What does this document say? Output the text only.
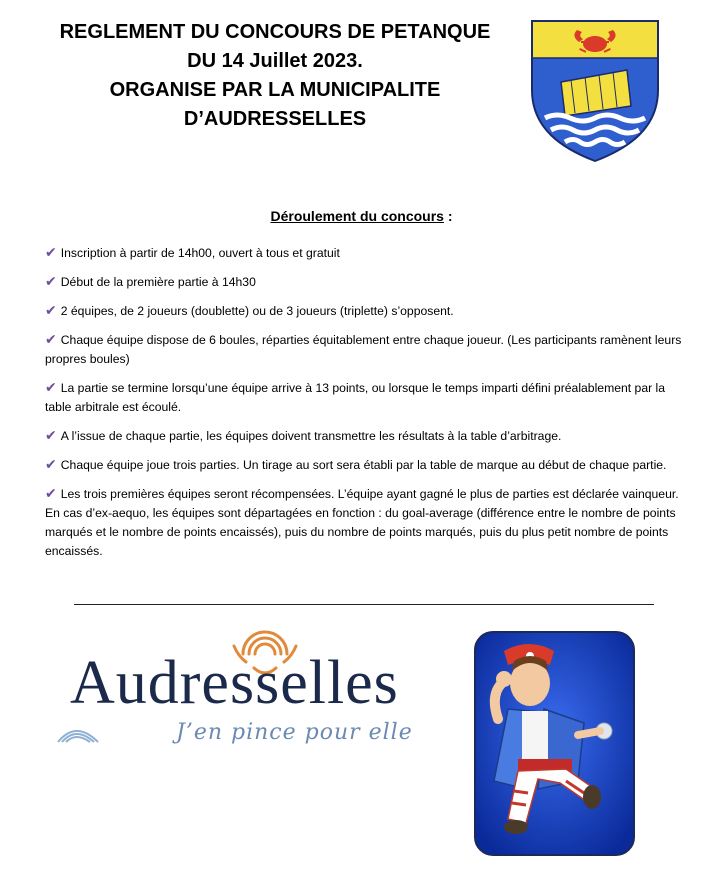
REGLEMENT DU CONCOURS DE PETANQUE
DU 14 Juillet 2023.
ORGANISE PAR LA MUNICIPALITE
D’AUDRESSELLES
Déroulement du concours :
✔ Inscription à partir de 14h00, ouvert à tous et gratuit
✔ Début de la première partie à 14h30
✔ 2 équipes, de 2 joueurs (doublette) ou de 3 joueurs (triplette) s’opposent.
✔ Chaque équipe dispose de 6 boules, réparties équitablement entre chaque joueur. (Les participants ramènent leurs propres boules)
✔ La partie se termine lorsqu’une équipe arrive à 13 points, ou lorsque le temps imparti défini préalablement par la table arbitrale est écoulé.
✔ A l’issue de chaque partie, les équipes doivent transmettre les résultats à la table d’arbitrage.
✔ Chaque équipe joue trois parties. Un tirage au sort sera établi par la table de marque au début de chaque partie.
✔ Les trois premières équipes seront récompensées. L’équipe ayant gagné le plus de parties est déclarée vainqueur. En cas d’ex-aequo, les équipes sont départagées en fonction : du goal-average (différence entre le nombre de points marqués et le nombre de points encaissés), puis du nombre de points marqués, puis du plus petit nombre de points encaissés.
Audresselles
J’en pince pour elle
